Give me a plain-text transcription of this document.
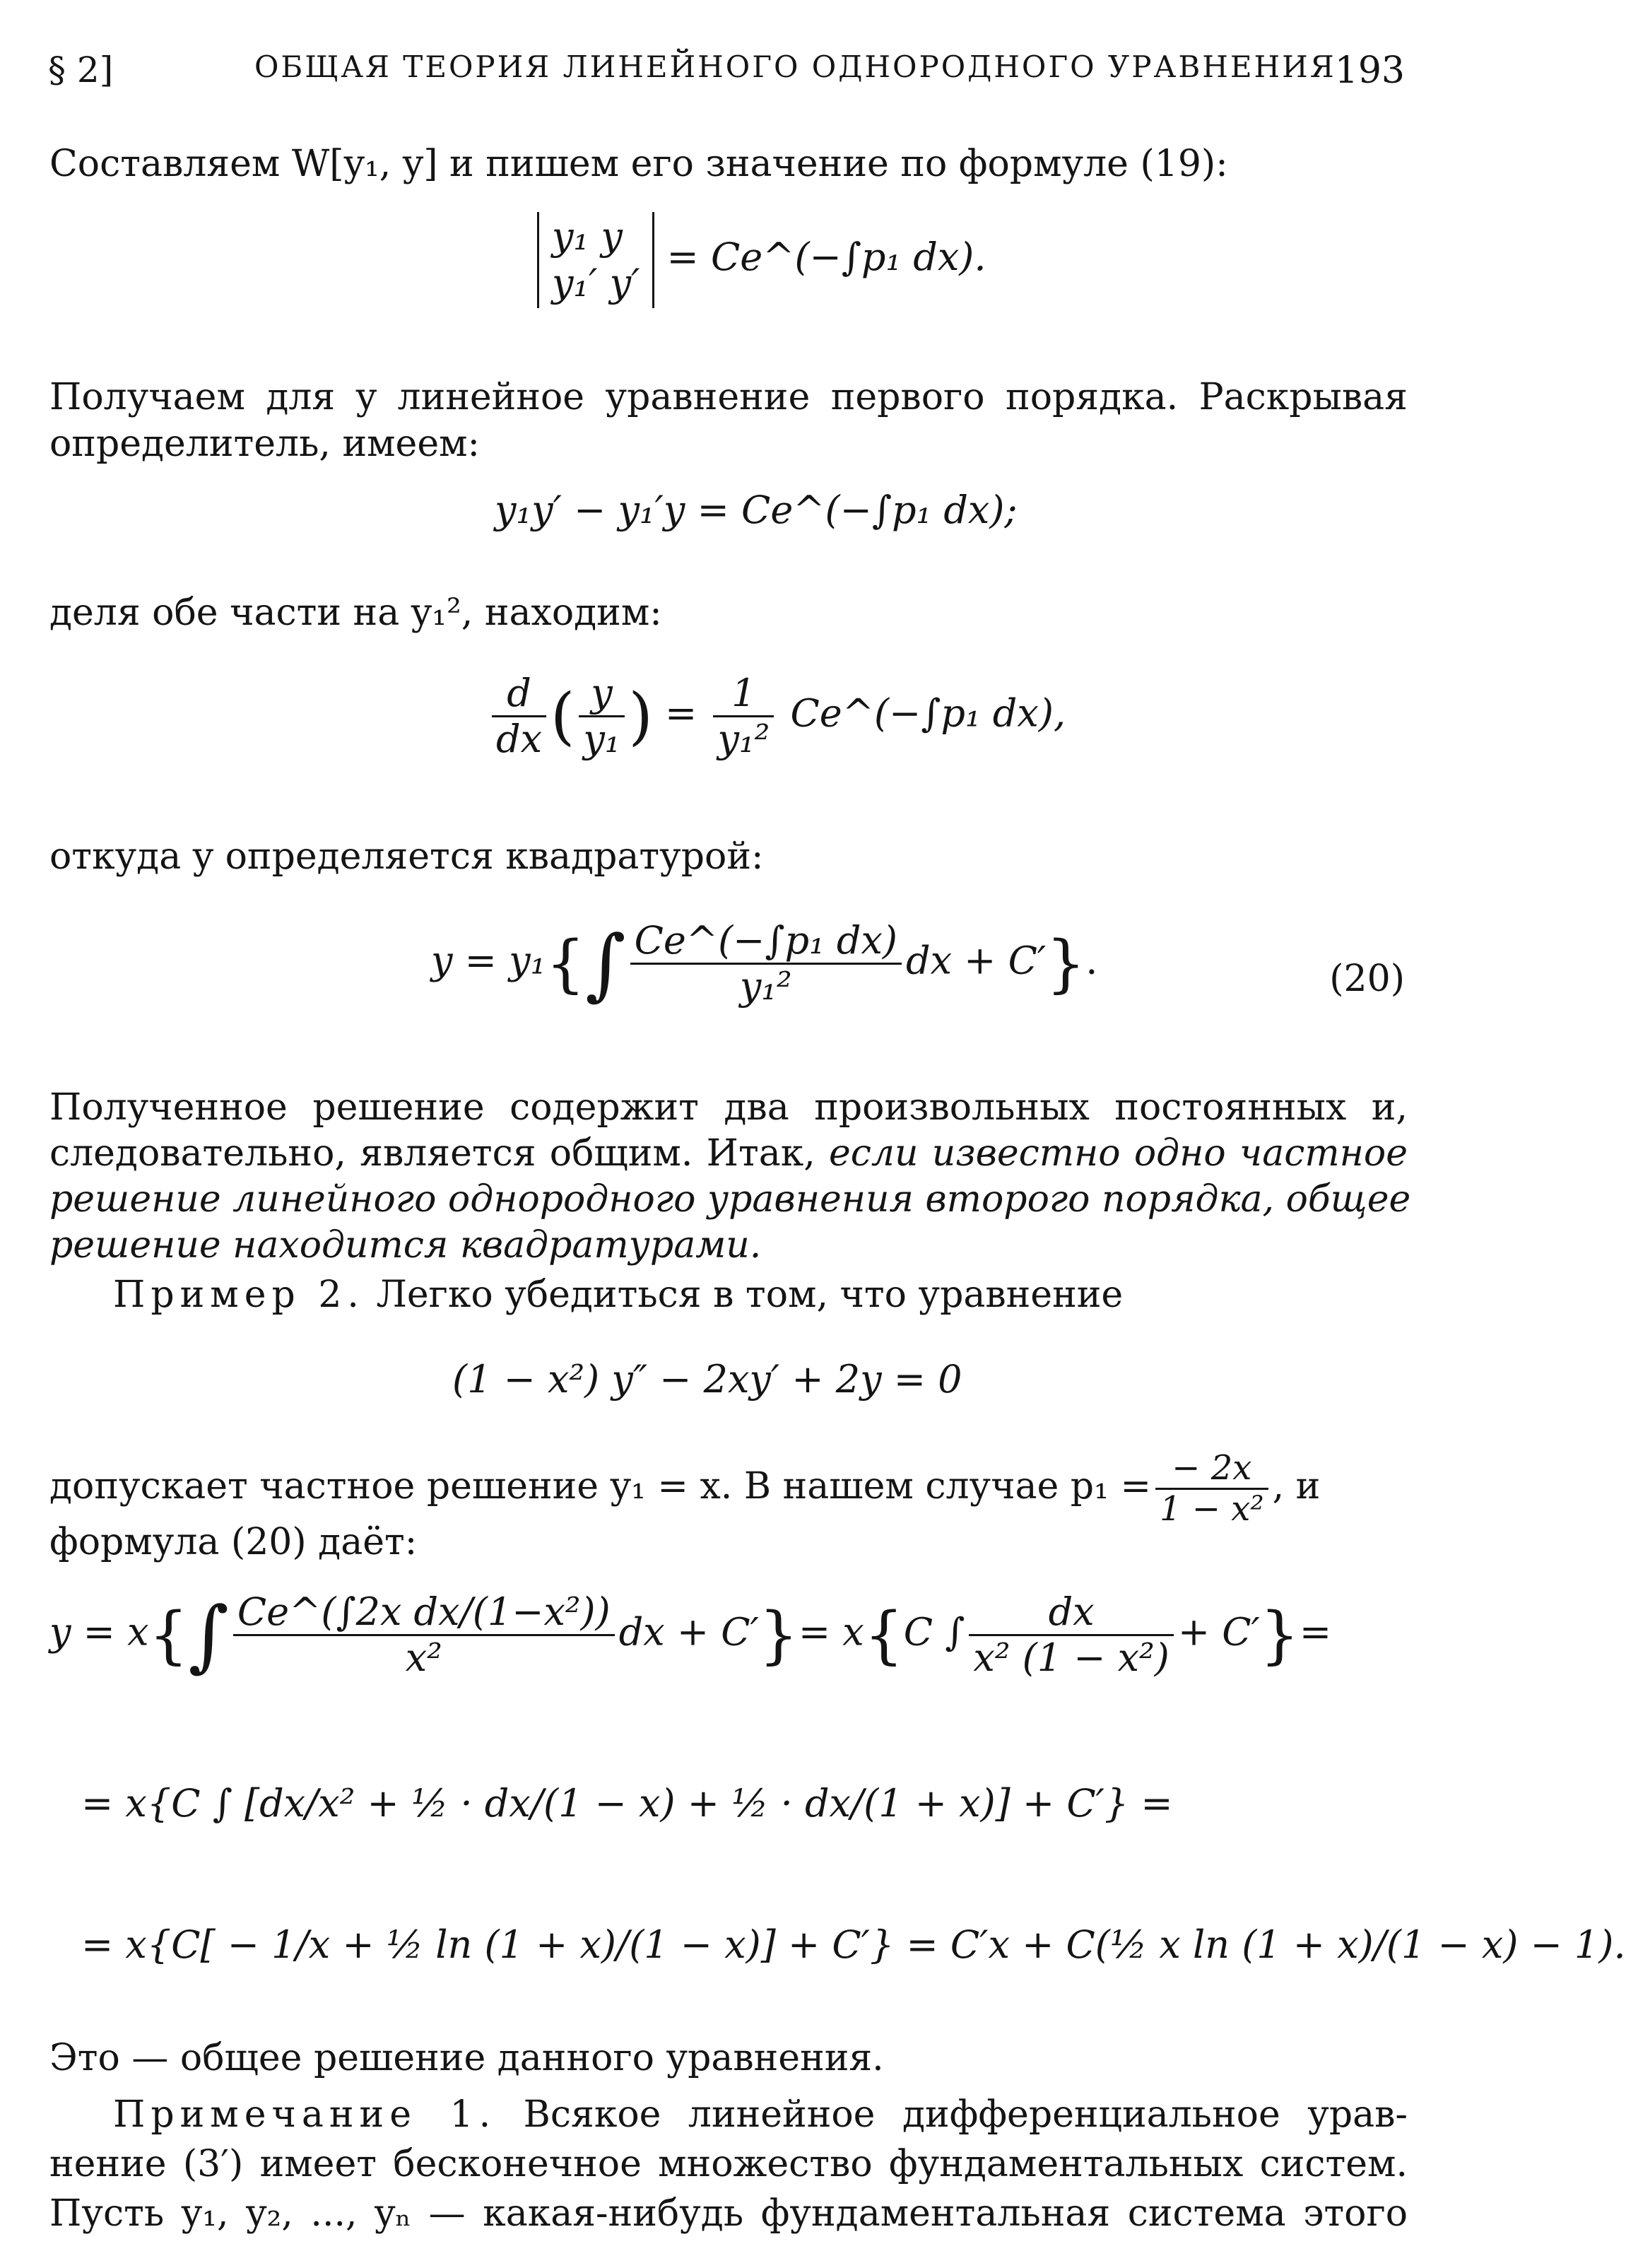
§ 2]	ОБЩАЯ ТЕОРИЯ ЛИНЕЙНОГО ОДНОРОДНОГО УРАВНЕНИЯ
193
Составляем W[y₁, y] и пишем его значение по формуле (19):
y₁ y
y₁′ y′
= Ce^(−∫p₁ dx).
Получаем для y линейное уравнение первого порядка. Раскрывая
определитель, имеем:
y₁y′ − y₁′y = Ce^(−∫p₁ dx);
деля обе части на y₁², находим:
$\frac{d}{dx}$ ( $\frac{y}{\text{y₁}}$ ) = $\frac{1}{\text{y₁²}}$ Ce^(−∫p₁ dx),
откуда y определяется квадратурой:
$y = y_1\{\int \frac{\text{Ce\textasciicircum{}(−∫p₁ dx)}}{\text{y₁²}}$ dx + C′}.	(20)
Полученное решение содержит два произвольных постоянных и,
следовательно, является общим. Итак, если известно одно частное
решение линейного однородного уравнения второго порядка, общее
решение находится квадратурами.
Пример 2. Легко убедиться в том, что уравнение
(1 − x²) y″ − 2xy′ + 2y = 0
допускает частное решение y₁ = x. В нашем случае $p_1 = \frac{- 2x}{\text{1 − x²}}$ , и
формула (20) даёт:
$y = x\{\int \frac{\text{Ce\textasciicircum{}(∫2x dx/(1−x²))}}{\text{x²}}$ dx + C′}= x{C ∫ $\frac{dx}{\text{x² (1 − x²)}} + C'\}=$
= x{C ∫ [dx/x² + ½ · dx/(1 − x) + ½ · dx/(1 + x)] + C′} =
= x{C[ − 1/x + ½ ln (1 + x)/(1 − x)] + C′} = C′x + C(½ x ln (1 + x)/(1 − x) − 1).
Это — общее решение данного уравнения.
Примечание 1. Всякое линейное дифференциальное урав-
нение (3′) имеет бесконечное множество фундаментальных систем.
Пусть y₁, y₂, ..., yₙ — какая-нибудь фундаментальная система этого
